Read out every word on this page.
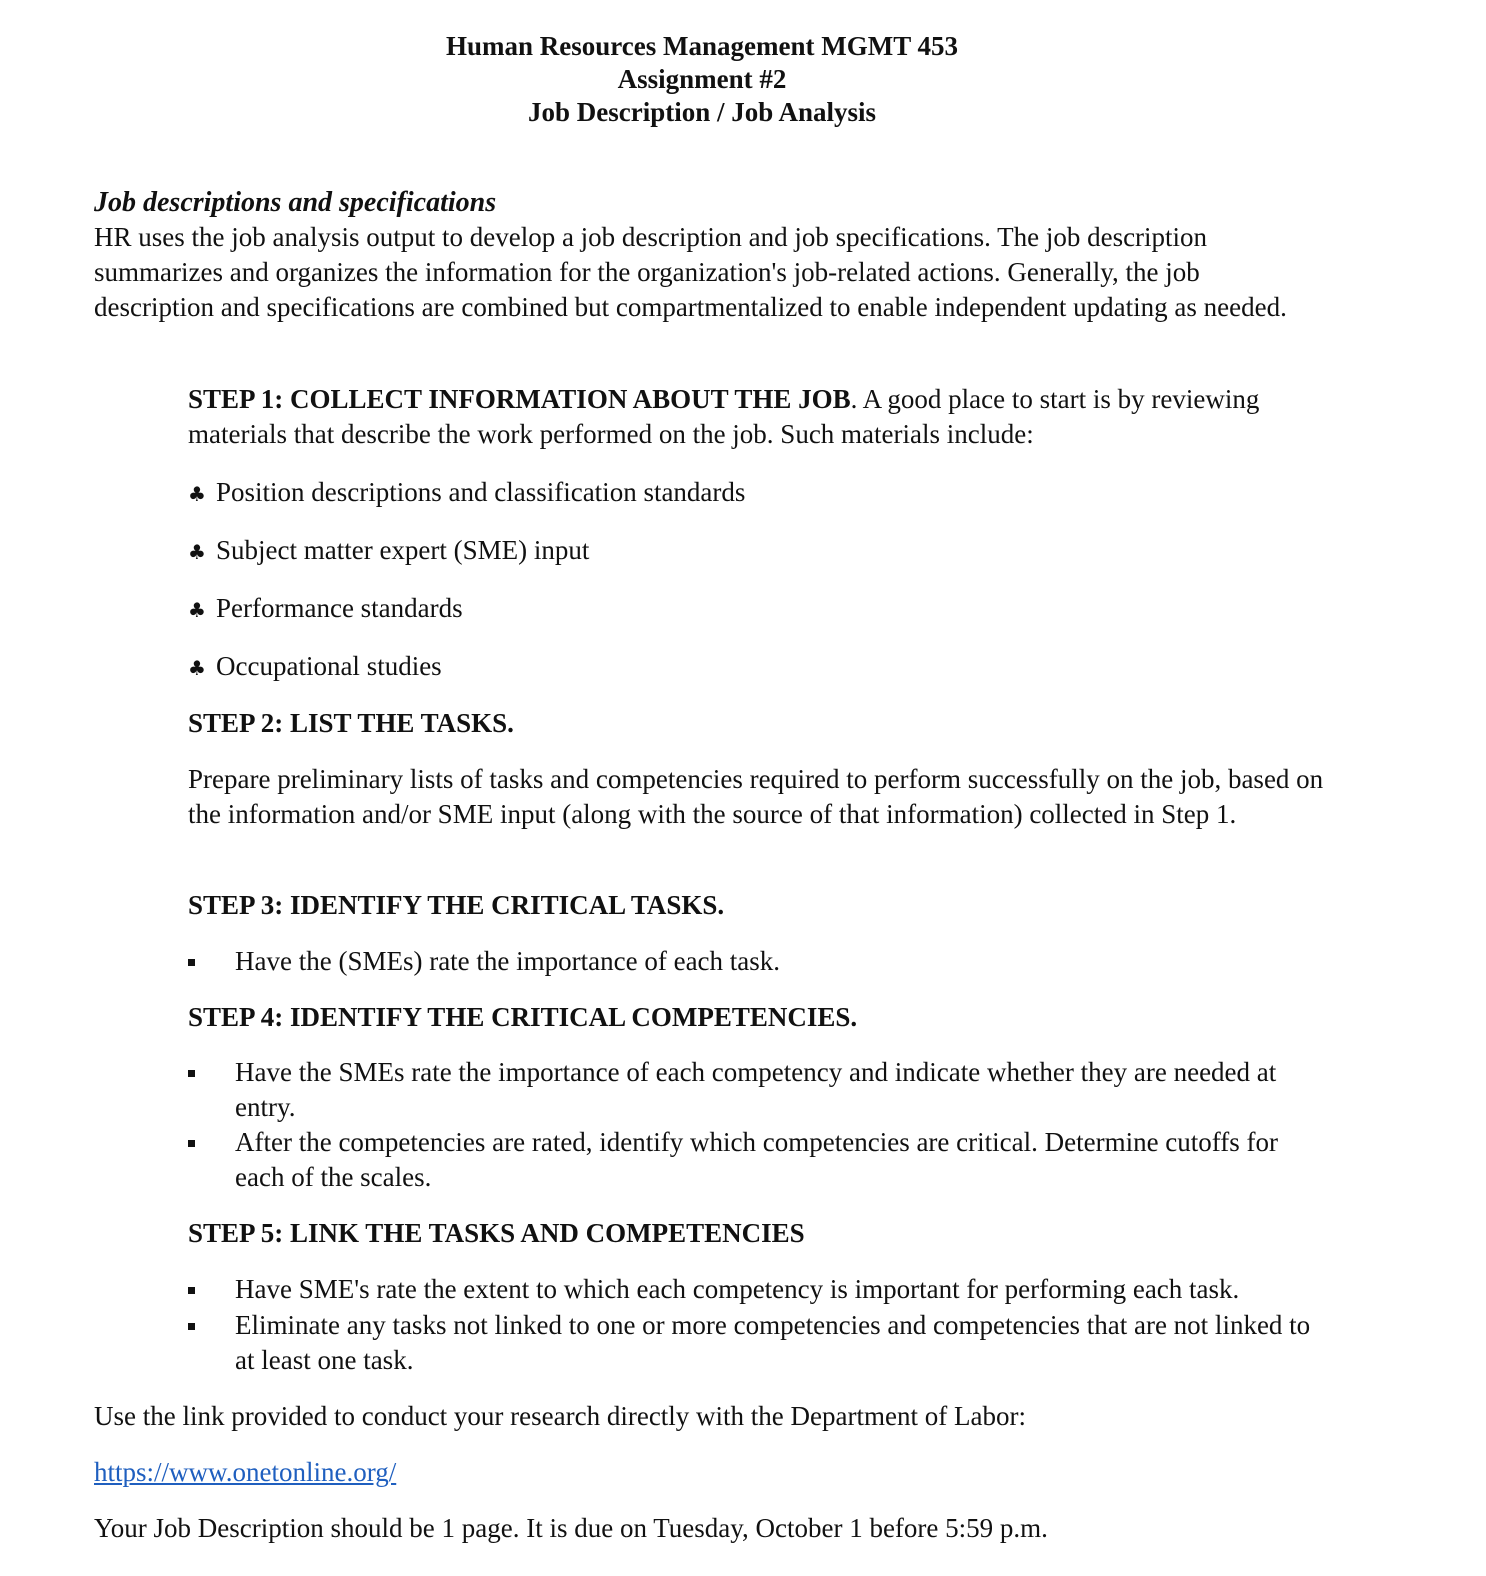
Human Resources Management MGMT 453
Assignment #2
Job Description / Job Analysis
Job descriptions and specifications
HR uses the job analysis output to develop a job description and job specifications. The job description summarizes and organizes the information for the organization's job-related actions. Generally, the job description and specifications are combined but compartmentalized to enable independent updating as needed.
STEP 1: COLLECT INFORMATION ABOUT THE JOB. A good place to start is by reviewing materials that describe the work performed on the job. Such materials include:
♣ Position descriptions and classification standards
♣ Subject matter expert (SME) input
♣ Performance standards
♣ Occupational studies
STEP 2: LIST THE TASKS.
Prepare preliminary lists of tasks and competencies required to perform successfully on the job, based on the information and/or SME input (along with the source of that information) collected in Step 1.
STEP 3: IDENTIFY THE CRITICAL TASKS.
Have the (SMEs) rate the importance of each task.
STEP 4: IDENTIFY THE CRITICAL COMPETENCIES.
Have the SMEs rate the importance of each competency and indicate whether they are needed at entry.
After the competencies are rated, identify which competencies are critical. Determine cutoffs for each of the scales.
STEP 5: LINK THE TASKS AND COMPETENCIES
Have SME's rate the extent to which each competency is important for performing each task.
Eliminate any tasks not linked to one or more competencies and competencies that are not linked to at least one task.
Use the link provided to conduct your research directly with the Department of Labor:
https://www.onetonline.org/
Your Job Description should be 1 page. It is due on Tuesday, October 1 before 5:59 p.m.
